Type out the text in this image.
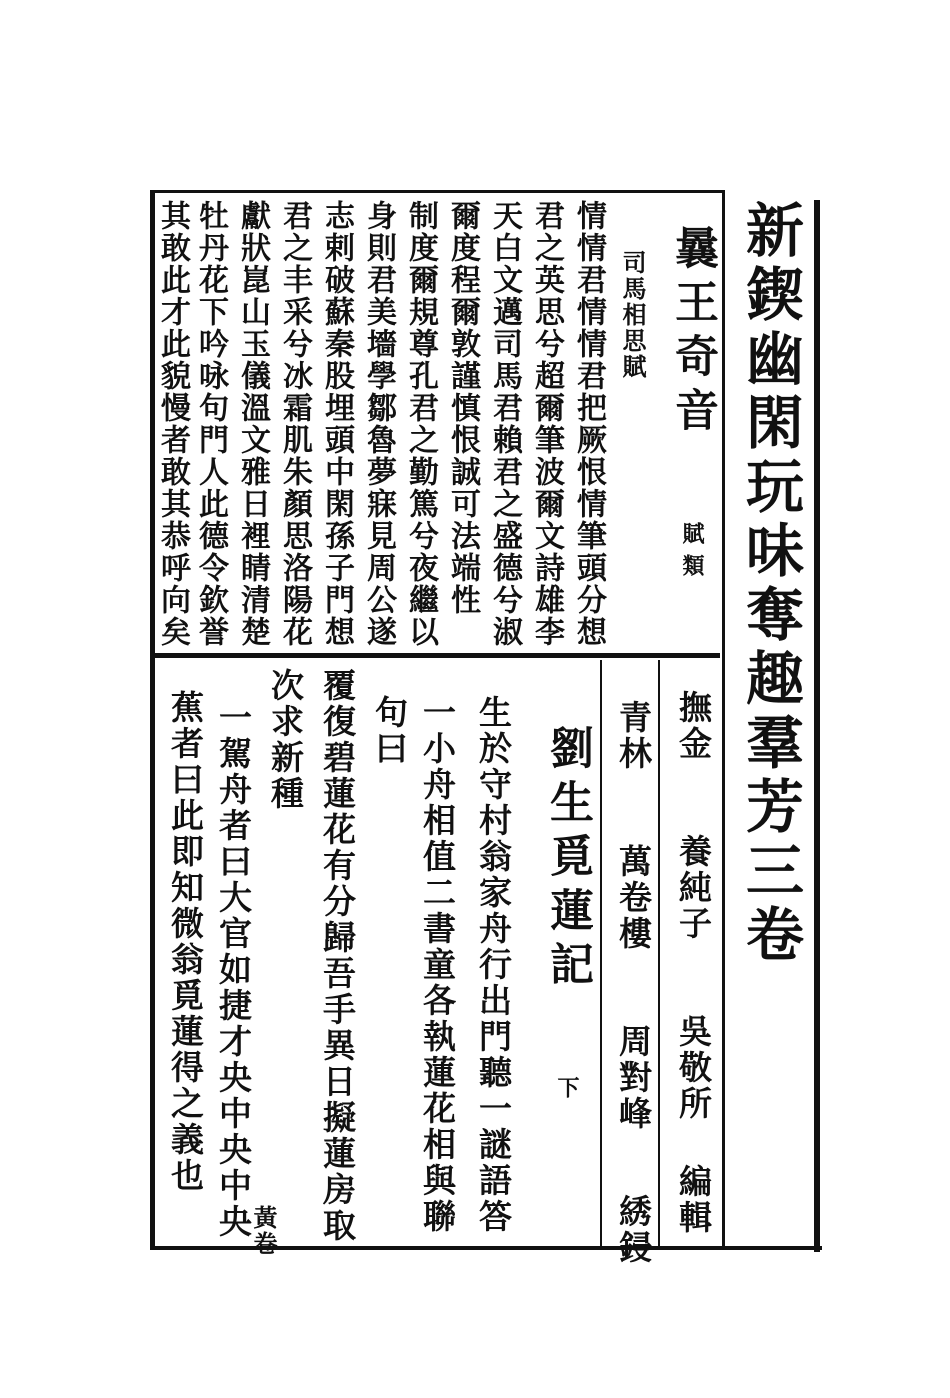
新鍥幽閑玩味奪趣羣芳三卷
撫金 養純子 吳敬所 編輯
青林 萬卷樓 周對峰 綉鋟
劉生覓蓮記 下
生於守村翁家舟行出門聽一謎語答
一小舟相值二書童各執蓮花相與聯
句曰
覆復碧蓮花有分歸吾手異日擬蓮房取
次求新種
一駕舟者曰大官如捷才央中央中央
蕉者曰此即知微翁覓蓮得之義也
黃卷
曩王奇音 賦類
司馬相思賦
情情君情情君把厥恨情筆頭分想
君之英思兮超爾筆波爾文詩雄李
天白文邁司馬君賴君之盛德兮淑
爾度程爾敦謹慎恨誠可法端性
制度爾規尊孔君之勤篤兮夜繼以
身則君美墻學鄒魯夢寐見周公遂
志剌破蘇秦股埋頭中閑孫子門想
君之丰采兮冰霜肌朱顏思洛陽花
獻狀崑山玉儀溫文雅日裡睛清楚
牡丹花下吟咏句門人此德令欽誉
其敢此才此貌慢者敢其恭呼向矣
